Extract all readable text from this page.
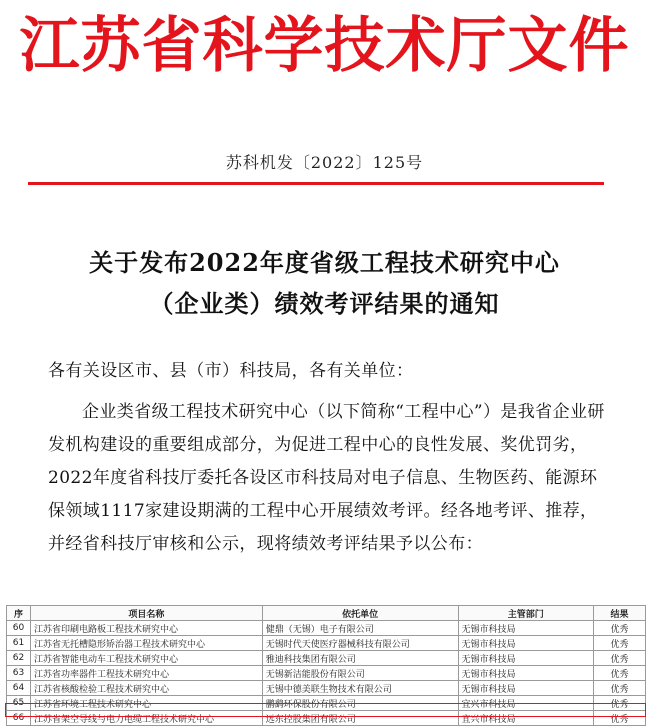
江苏省科学技术厅文件
苏科机发〔2022〕125号
关于发布2022年度省级工程技术研究中心
（企业类）绩效考评结果的通知
各有关设区市、县（市）科技局，各有关单位：
企业类省级工程技术研究中心（以下简称“工程中心”）是我省企业研发机构建设的重要组成部分，为促进工程中心的良性发展、奖优罚劣，2022年度省科技厅委托各设区市科技局对电子信息、生物医药、能源环保领域1117家建设期满的工程中心开展绩效考评。经各地考评、推荐，并经省科技厅审核和公示，现将绩效考评结果予以公布：
序	项目名称	依托单位	主管部门	结果
60	江苏省印刷电路板工程技术研究中心	健鼎（无锡）电子有限公司	无锡市科技局	优秀
61	江苏省无托槽隐形矫治器工程技术研究中心	无锡时代天使医疗器械科技有限公司	无锡市科技局	优秀
62	江苏省智能电动车工程技术研究中心	雅迪科技集团有限公司	无锡市科技局	优秀
63	江苏省功率器件工程技术研究中心	无锡新洁能股份有限公司	无锡市科技局	优秀
64	江苏省核酸检验工程技术研究中心	无锡中德美联生物技术有限公司	无锡市科技局	优秀
65	江苏省环境工程技术研究中心	鹏鹞环保股份有限公司	宜兴市科技局	优秀
66	江苏省架空导线与电力电缆工程技术研究中心	远东控股集团有限公司	宜兴市科技局	优秀
